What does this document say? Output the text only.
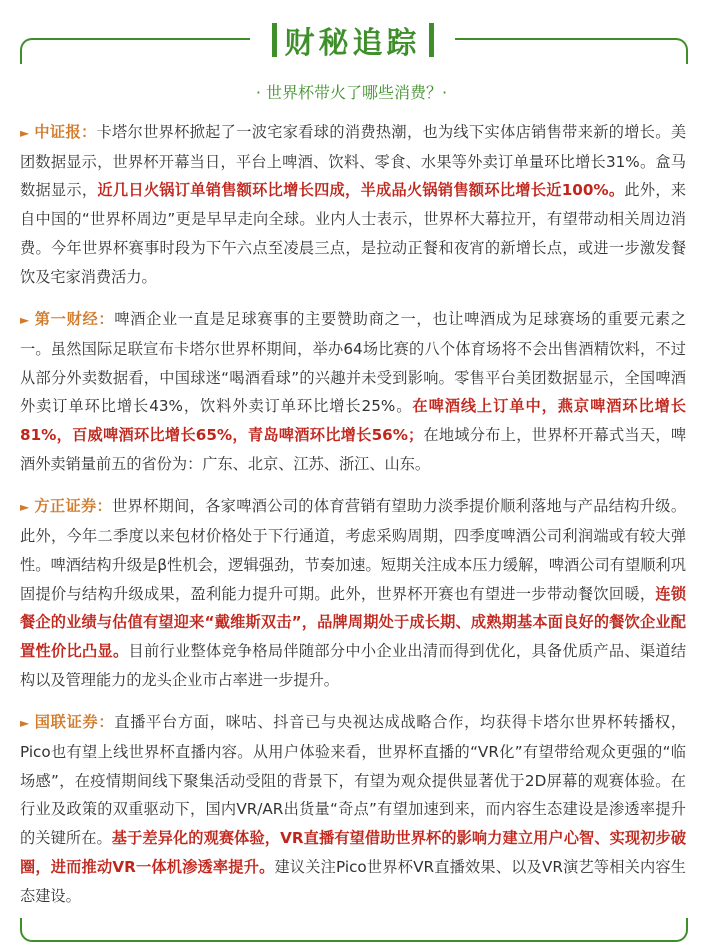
财秘追踪
· 世界杯带火了哪些消费？·

► 中证报：卡塔尔世界杯掀起了一波宅家看球的消费热潮，也为线下实体店销售带来新的增长。美团数据显示，世界杯开幕当日，平台上啤酒、饮料、零食、水果等外卖订单量环比增长31%。盒马数据显示，近几日火锅订单销售额环比增长四成，半成品火锅销售额环比增长近100%。此外，来自中国的“世界杯周边”更是早早走向全球。业内人士表示，世界杯大幕拉开，有望带动相关周边消费。今年世界杯赛事时段为下午六点至凌晨三点，是拉动正餐和夜宵的新增长点，或进一步激发餐饮及宅家消费活力。

► 第一财经：啤酒企业一直是足球赛事的主要赞助商之一，也让啤酒成为足球赛场的重要元素之一。虽然国际足联宣布卡塔尔世界杯期间，举办64场比赛的八个体育场将不会出售酒精饮料，不过从部分外卖数据看，中国球迷“喝酒看球”的兴趣并未受到影响。零售平台美团数据显示，全国啤酒外卖订单环比增长43%，饮料外卖订单环比增长25%。在啤酒线上订单中，燕京啤酒环比增长81%，百威啤酒环比增长65%，青岛啤酒环比增长56%；在地域分布上，世界杯开幕式当天，啤酒外卖销量前五的省份为：广东、北京、江苏、浙江、山东。

► 方正证券：世界杯期间，各家啤酒公司的体育营销有望助力淡季提价顺利落地与产品结构升级。此外，今年二季度以来包材价格处于下行通道，考虑采购周期，四季度啤酒公司利润端或有较大弹性。啤酒结构升级是β性机会，逻辑强劲，节奏加速。短期关注成本压力缓解，啤酒公司有望顺利巩固提价与结构升级成果，盈利能力提升可期。此外，世界杯开赛也有望进一步带动餐饮回暖，连锁餐企的业绩与估值有望迎来“戴维斯双击”，品牌周期处于成长期、成熟期基本面良好的餐饮企业配置性价比凸显。目前行业整体竞争格局伴随部分中小企业出清而得到优化，具备优质产品、渠道结构以及管理能力的龙头企业市占率进一步提升。

► 国联证券：直播平台方面，咪咕、抖音已与央视达成战略合作，均获得卡塔尔世界杯转播权，Pico也有望上线世界杯直播内容。从用户体验来看，世界杯直播的“VR化”有望带给观众更强的“临场感”，在疫情期间线下聚集活动受阻的背景下，有望为观众提供显著优于2D屏幕的观赛体验。在行业及政策的双重驱动下，国内VR/AR出货量“奇点”有望加速到来，而内容生态建设是渗透率提升的关键所在。基于差异化的观赛体验，VR直播有望借助世界杯的影响力建立用户心智、实现初步破圈，进而推动VR一体机渗透率提升。建议关注Pico世界杯VR直播效果、以及VR演艺等相关内容生态建设。
